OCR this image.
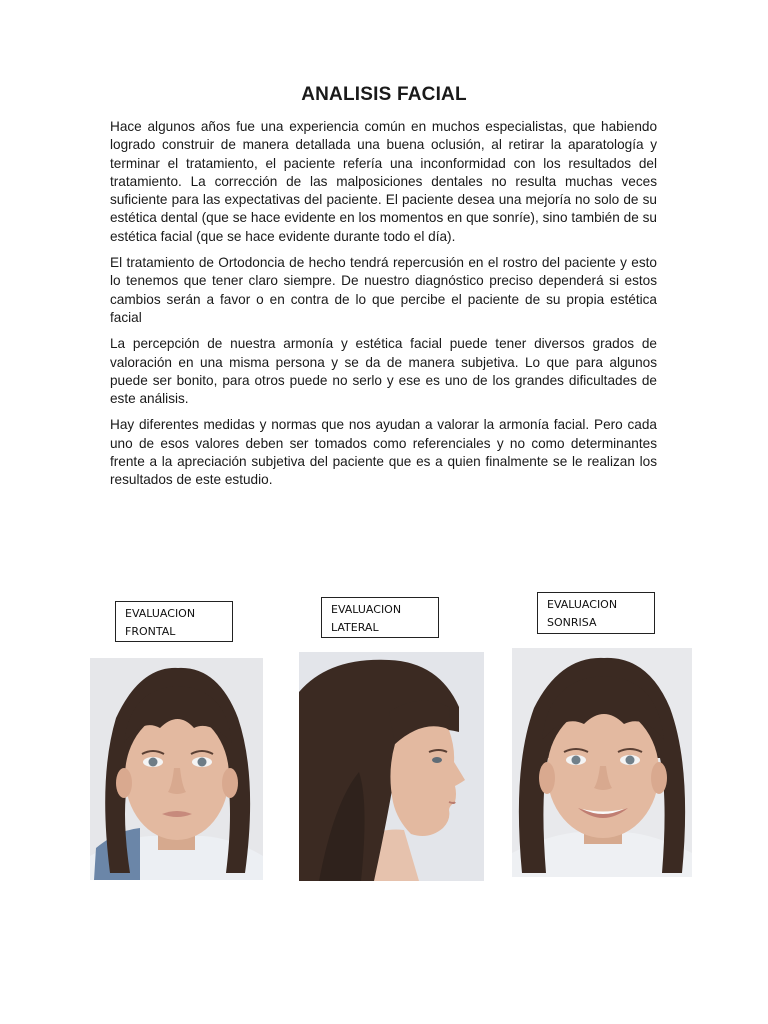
ANALISIS FACIAL

Hace algunos años fue una experiencia común en muchos especialistas, que habiendo logrado construir de manera detallada una buena oclusión, al retirar la aparatología y terminar el tratamiento, el paciente refería una inconformidad con los resultados del tratamiento. La corrección de las malposiciones dentales no resulta muchas veces suficiente para las expectativas del paciente. El paciente desea una mejoría no solo de su estética dental (que se hace evidente en los momentos en que sonríe), sino también de su estética facial (que se hace evidente durante todo el día).

El tratamiento de Ortodoncia de hecho tendrá repercusión en el rostro del paciente y esto lo tenemos que tener claro siempre. De nuestro diagnóstico preciso dependerá si estos cambios serán a favor o en contra de lo que percibe el paciente de su propia estética facial

La percepción de nuestra armonía y estética facial puede tener diversos grados de valoración en una misma persona y se da de manera subjetiva. Lo que para algunos puede ser bonito, para otros puede no serlo y ese es uno de los grandes dificultades de este análisis.

Hay diferentes medidas y normas que nos ayudan a valorar la armonía facial. Pero cada uno de esos valores deben ser tomados como referenciales y no como determinantes frente a la apreciación subjetiva del paciente que es a quien finalmente se le realizan los resultados de este estudio.

EVALUACION
FRONTAL
EVALUACION
LATERAL
EVALUACION
SONRISA
